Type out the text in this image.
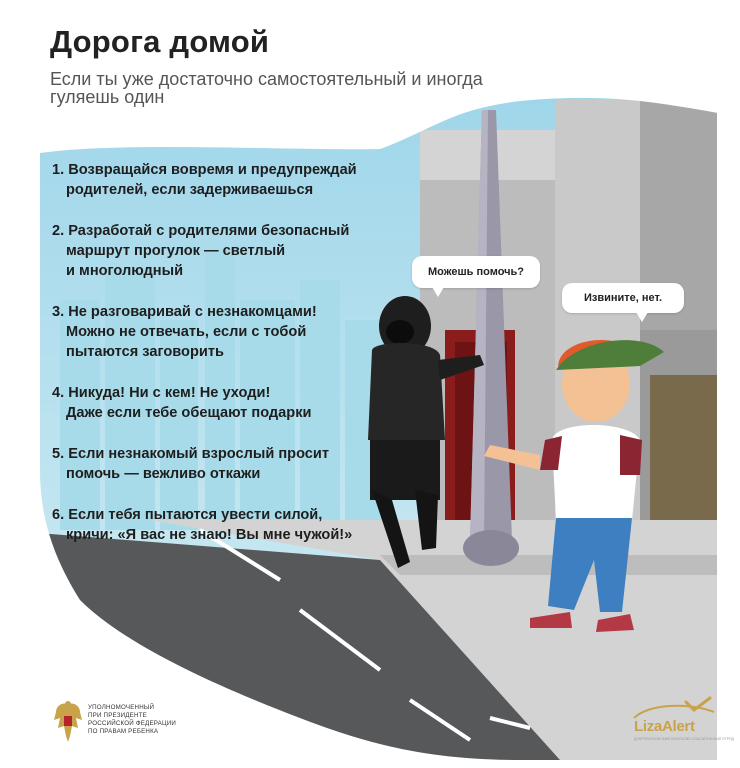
Дорога домой

Если ты уже достаточно самостоятельный и иногда гуляешь один

1. Возвращайся вовремя и предупреждай
родителей, если задерживаешься
2. Разработай с родителями безопасный
маршрут прогулок — светлый
и многолюдный
3. Не разговаривай с незнакомцами!
Можно не отвечать, если с тобой
пытаются заговорить
4. Никуда! Ни с кем! Не уходи!
Даже если тебе обещают подарки
5. Если незнакомый взрослый просит
помочь — вежливо откажи
6. Если тебя пытаются увести силой,
кричи: «Я вас не знаю! Вы мне чужой!»
Можешь помочь?
Извините, нет.

УПОЛНОМОЧЕННЫЙ
ПРИ ПРЕЗИДЕНТЕ
РОССИЙСКОЙ ФЕДЕРАЦИИ
ПО ПРАВАМ РЕБЕНКА	LizaAlert

ДОБРОВОЛЬЧЕСКИЙ ПОИСКОВО-СПАСАТЕЛЬНЫЙ ОТРЯД
